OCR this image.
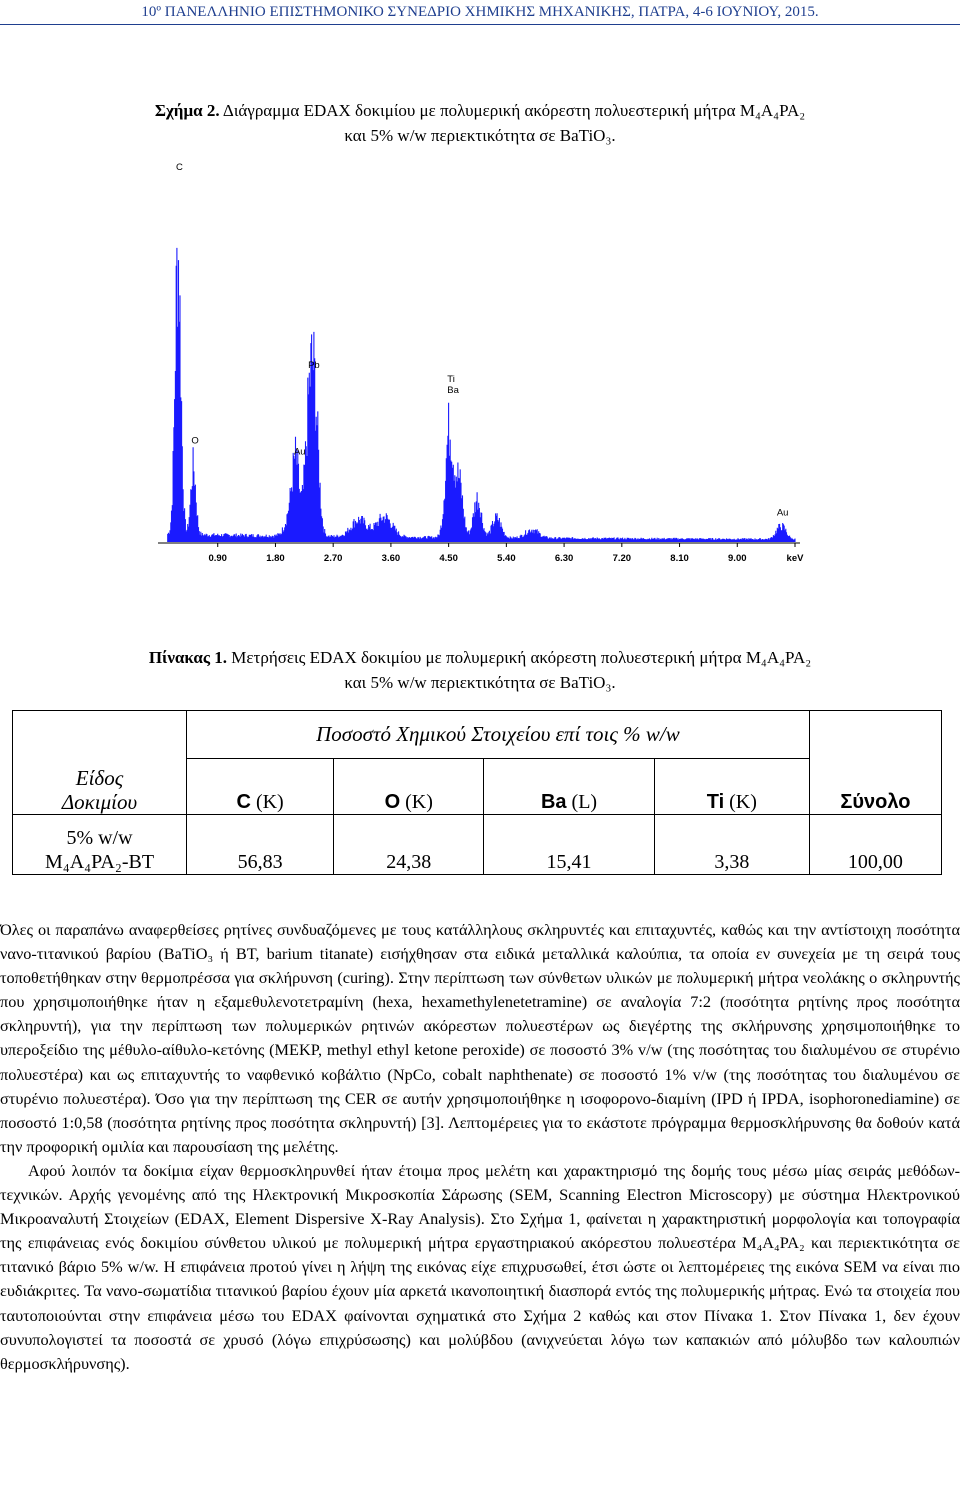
10º ΠΑΝΕΛΛΗΝΙΟ ΕΠΙΣΤΗΜΟΝΙΚΟ ΣΥΝΕΔΡΙΟ ΧΗΜΙΚΗΣ ΜΗΧΑΝΙΚΗΣ, ΠΑΤΡΑ, 4-6 ΙΟΥΝΙΟΥ, 2015.
Σχήμα 2. Διάγραμμα EDAX δοκιμίου με πολυμερική ακόρεστη πολυεστερική μήτρα M₄A₄PA₂
και 5% w/w περιεκτικότητα σε BaTiO₃.
0.90	1.80	2.70	3.60	4.50	5.40	6.30	7.20	8.10	9.00	keV
C
O
Au
Pb
Ti
Ba
Au
Πίνακας 1. Μετρήσεις EDAX δοκιμίου με πολυμερική ακόρεστη πολυεστερική μήτρα M₄A₄PA₂
και 5% w/w περιεκτικότητα σε BaTiO₃.
	Ποσοστό Χημικού Στοιχείου επί τοις % w/w				
Είδος
Δοκιμίου	C (K)	O (K)	Ba (L)	Ti (K)	Σύνολο
5% w/w
M₄A₄PA₂-BT	56,83	24,38	15,41	3,38	100,00

Όλες οι παραπάνω αναφερθείσες ρητίνες συνδυαζόμενες με τους κατάλληλους σκληρυντές και επιταχυντές, καθώς και την αντίστοιχη ποσότητα νανο-τιτανικού βαρίου (BaTiO₃ ή BT, barium titanate) εισήχθησαν στα ειδικά μεταλλικά καλούπια, τα οποία εν συνεχεία με τη σειρά τους τοποθετήθηκαν στην θερμοπρέσσα για σκλήρυνση (curing). Στην περίπτωση των σύνθετων υλικών με πολυμερική μήτρα νεολάκης ο σκληρυντής που χρησιμοποιήθηκε ήταν η εξαμεθυλενοτετραμίνη (hexa, hexamethylenetetramine) σε αναλογία 7:2 (ποσότητα ρητίνης προς ποσότητα σκληρυντή), για την περίπτωση των πολυμερικών ρητινών ακόρεστων πολυεστέρων ως διεγέρτης της σκλήρυνσης χρησιμοποιήθηκε το υπεροξείδιο της μέθυλο-αίθυλο-κετόνης (MEKP, methyl ethyl ketone peroxide) σε ποσοστό 3% v/w (της ποσότητας του διαλυμένου σε στυρένιο πολυεστέρα) και ως επιταχυντής το ναφθενικό κοβάλτιο (NpCo, cobalt naphthenate) σε ποσοστό 1% v/w (της ποσότητας του διαλυμένου σε στυρένιο πολυεστέρα). Όσο για την περίπτωση της CER σε αυτήν χρησιμοποιήθηκε η ισοφορονο-διαμίνη (IPD ή IPDA, isophoronediamine) σε ποσοστό 1:0,58 (ποσότητα ρητίνης προς ποσότητα σκληρυντή) [3]. Λεπτομέρειες για το εκάστοτε πρόγραμμα θερμοσκλήρυνσης θα δοθούν κατά την προφορική ομιλία και παρουσίαση της μελέτης.

Αφού λοιπόν τα δοκίμια είχαν θερμοσκληρυνθεί ήταν έτοιμα προς μελέτη και χαρακτηρισμό της δομής τους μέσω μίας σειράς μεθόδων-τεχνικών. Αρχής γενομένης από της Ηλεκτρονική Μικροσκοπία Σάρωσης (SEM, Scanning Electron Microscopy) με σύστημα Ηλεκτρονικού Μικροαναλυτή Στοιχείων (EDAX, Element Dispersive X-Ray Analysis). Στο Σχήμα 1, φαίνεται η χαρακτηριστική μορφολογία και τοπογραφία της επιφάνειας ενός δοκιμίου σύνθετου υλικού με πολυμερική μήτρα εργαστηριακού ακόρεστου πολυεστέρα M₄A₄PA₂ και περιεκτικότητα σε τιτανικό βάριο 5% w/w. Η επιφάνεια προτού γίνει η λήψη της εικόνας είχε επιχρυσωθεί, έτσι ώστε οι λεπτομέρειες της εικόνα SEM να είναι πιο ευδιάκριτες. Τα νανο-σωματίδια τιτανικού βαρίου έχουν μία αρκετά ικανοποιητική διασπορά εντός της πολυμερικής μήτρας. Ενώ τα στοιχεία που ταυτοποιούνται στην επιφάνεια μέσω του EDAX φαίνονται σχηματικά στο Σχήμα 2 καθώς και στον Πίνακα 1. Στον Πίνακα 1, δεν έχουν συνυπολογιστεί τα ποσοστά σε χρυσό (λόγω επιχρύσωσης) και μολύβδου (ανιχνεύεται λόγω των καπακιών από μόλυβδο των καλουπιών θερμοσκλήρυνσης).
